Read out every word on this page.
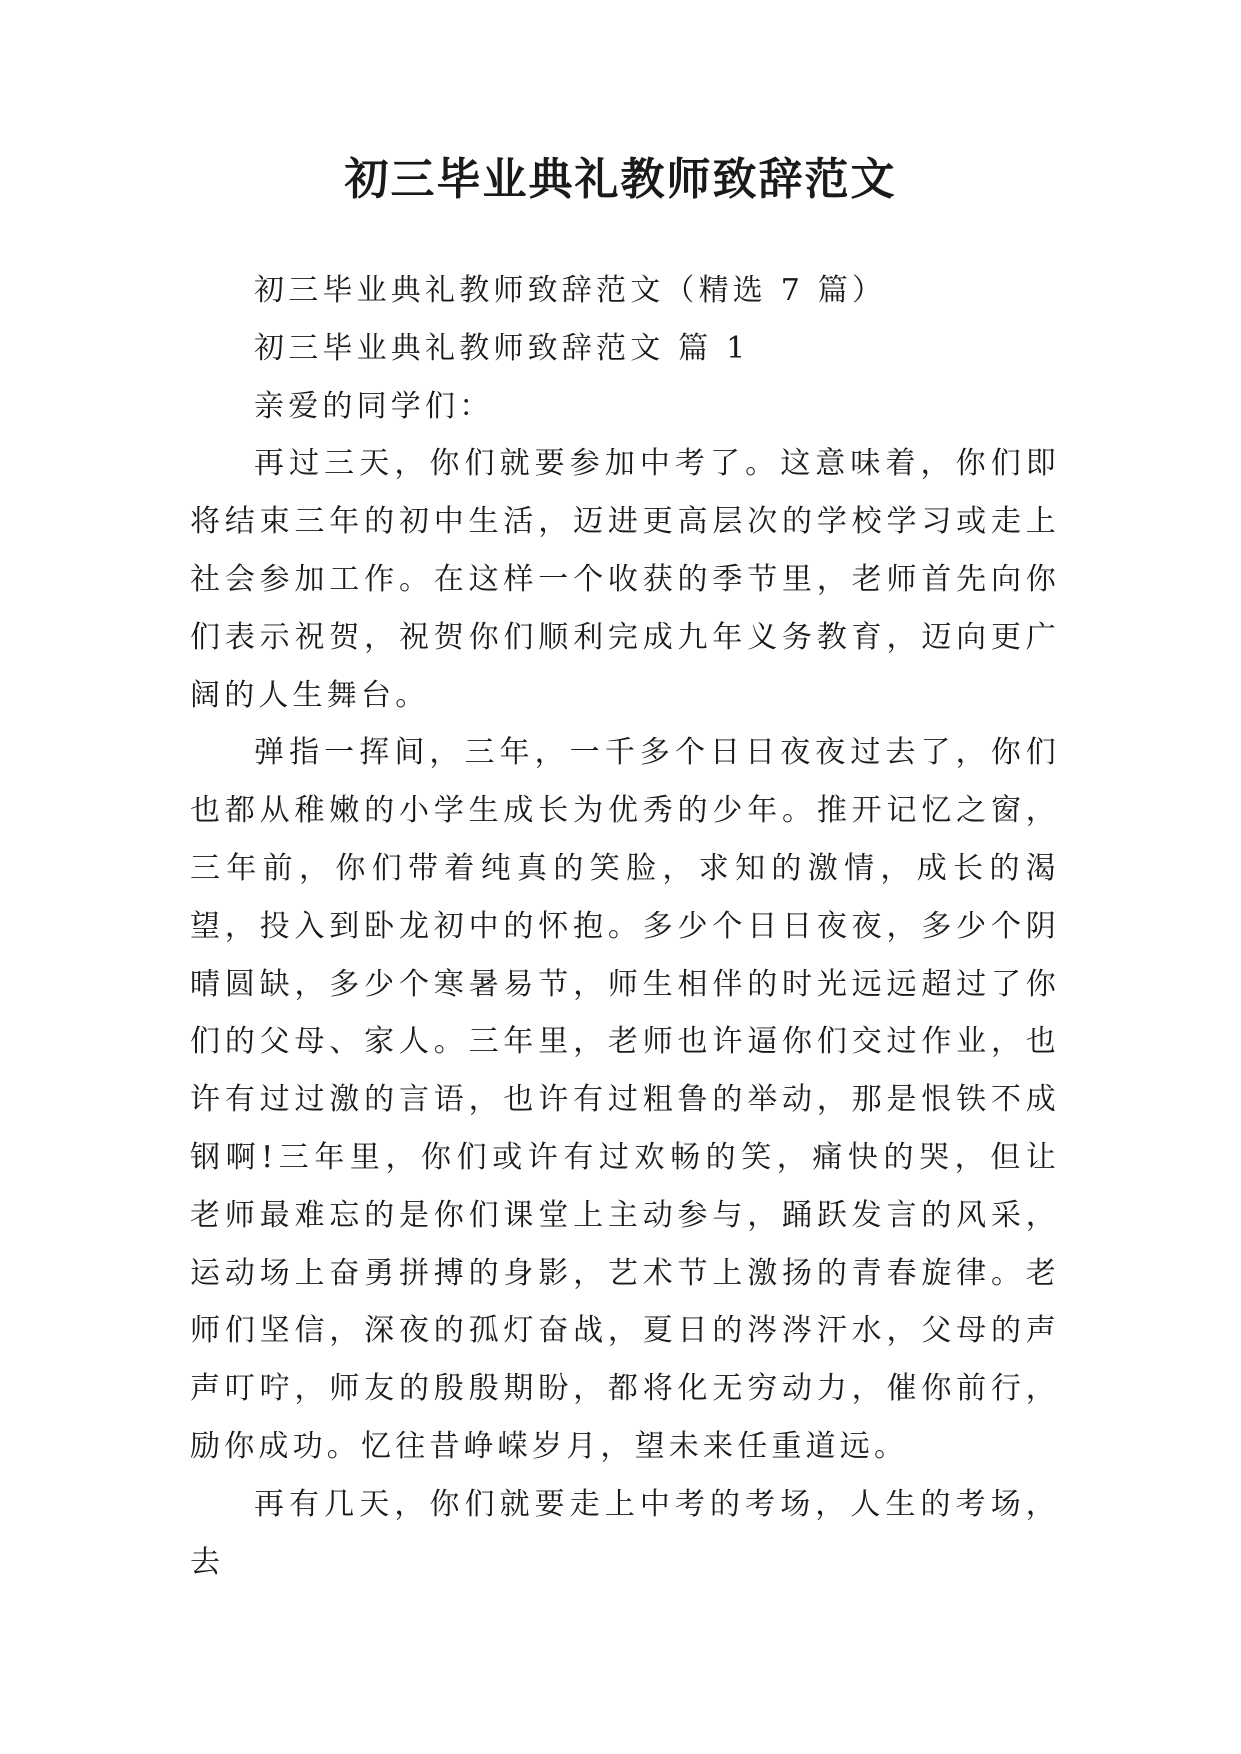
初三毕业典礼教师致辞范文

初三毕业典礼教师致辞范文（精选 7 篇）

初三毕业典礼教师致辞范文 篇 1

亲爱的同学们：

再过三天，你们就要参加中考了。这意味着，你们即将结束三年的初中生活，迈进更高层次的学校学习或走上社会参加工作。在这样一个收获的季节里，老师首先向你们表示祝贺，祝贺你们顺利完成九年义务教育，迈向更广阔的人生舞台。

弹指一挥间，三年，一千多个日日夜夜过去了，你们也都从稚嫩的小学生成长为优秀的少年。推开记忆之窗，三年前，你们带着纯真的笑脸，求知的激情，成长的渴望，投入到卧龙初中的怀抱。多少个日日夜夜，多少个阴晴圆缺，多少个寒暑易节，师生相伴的时光远远超过了你们的父母、家人。三年里，老师也许逼你们交过作业，也许有过过激的言语，也许有过粗鲁的举动，那是恨铁不成钢啊!三年里，你们或许有过欢畅的笑，痛快的哭，但让老师最难忘的是你们课堂上主动参与，踊跃发言的风采，运动场上奋勇拼搏的身影，艺术节上激扬的青春旋律。老师们坚信，深夜的孤灯奋战，夏日的涔涔汗水，父母的声声叮咛，师友的殷殷期盼，都将化无穷动力，催你前行，励你成功。忆往昔峥嵘岁月，望未来任重道远。

再有几天，你们就要走上中考的考场，人生的考场，去
